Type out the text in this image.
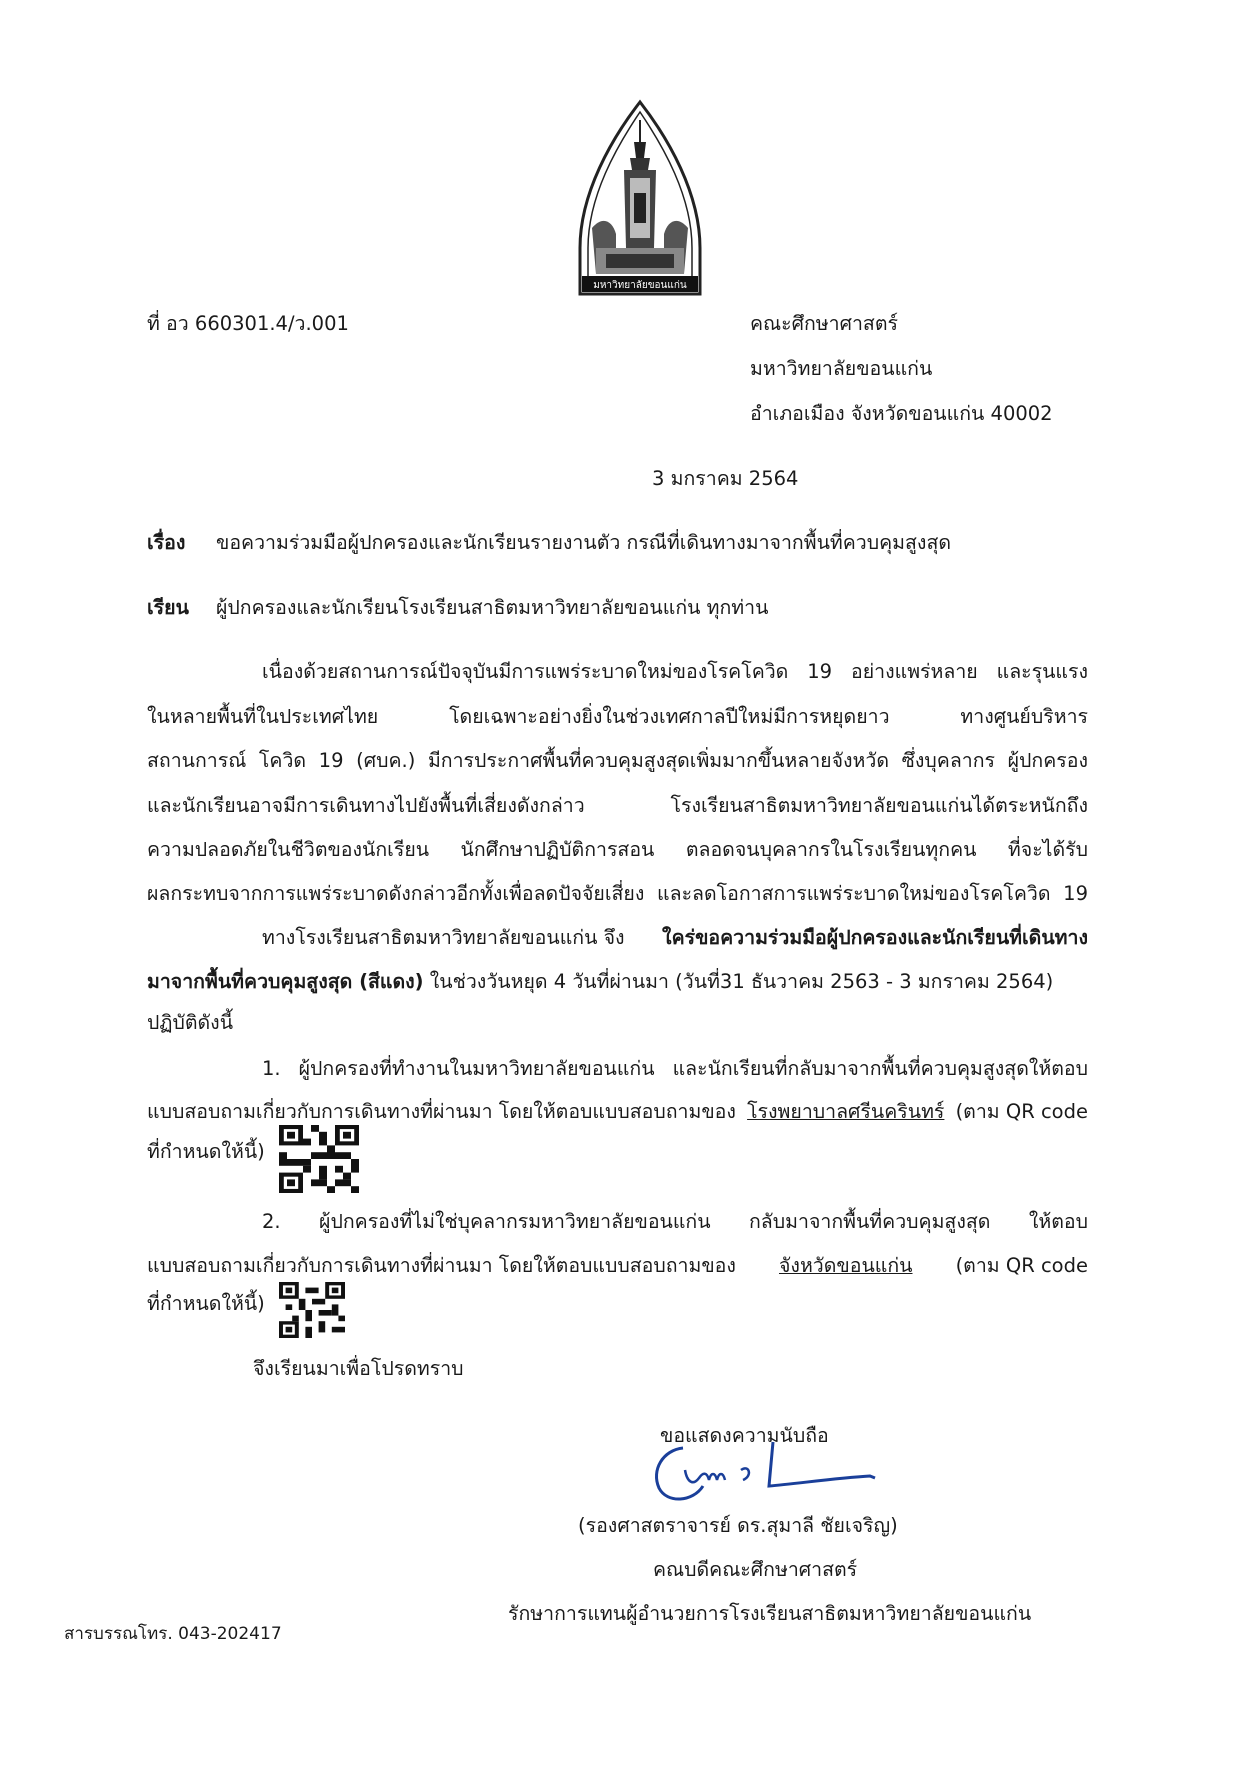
มหาวิทยาลัยขอนแก่น
ที่ อว 660301.4/ว.001	คณะศึกษาศาสตร์
มหาวิทยาลัยขอนแก่น
อำเภอเมือง จังหวัดขอนแก่น 40002
3 มกราคม 2564
เรื่อง ขอความร่วมมือผู้ปกครองและนักเรียนรายงานตัว กรณีที่เดินทางมาจากพื้นที่ควบคุมสูงสุด
เรียน ผู้ปกครองและนักเรียนโรงเรียนสาธิตมหาวิทยาลัยขอนแก่น ทุกท่าน
เนื่องด้วยสถานการณ์ปัจจุบันมีการแพร่ระบาดใหม่ของโรคโควิด 19 อย่างแพร่หลาย และรุนแรง
ในหลายพื้นที่ในประเทศไทย โดยเฉพาะอย่างยิ่งในช่วงเทศกาลปีใหม่มีการหยุดยาว ทางศูนย์บริหาร
สถานการณ์ โควิด 19 (ศบค.) มีการประกาศพื้นที่ควบคุมสูงสุดเพิ่มมากขึ้นหลายจังหวัด ซึ่งบุคลากร ผู้ปกครอง
และนักเรียนอาจมีการเดินทางไปยังพื้นที่เสี่ยงดังกล่าว โรงเรียนสาธิตมหาวิทยาลัยขอนแก่นได้ตระหนักถึง
ความปลอดภัยในชีวิตของนักเรียน นักศึกษาปฏิบัติการสอน ตลอดจนบุคลากรในโรงเรียนทุกคน ที่จะได้รับ
ผลกระทบจากการแพร่ระบาดดังกล่าวอีกทั้งเพื่อลดปัจจัยเสี่ยง และลดโอกาสการแพร่ระบาดใหม่ของโรคโควิด 19
ทางโรงเรียนสาธิตมหาวิทยาลัยขอนแก่น จึง ใคร่ขอความร่วมมือผู้ปกครองและนักเรียนที่เดินทาง
มาจากพื้นที่ควบคุมสูงสุด (สีแดง) ในช่วงวันหยุด 4 วันที่ผ่านมา (วันที่31 ธันวาคม 2563 - 3 มกราคม 2564)
ปฏิบัติดังนี้
1. ผู้ปกครองที่ทำงานในมหาวิทยาลัยขอนแก่น และนักเรียนที่กลับมาจากพื้นที่ควบคุมสูงสุดให้ตอบ
แบบสอบถามเกี่ยวกับการเดินทางที่ผ่านมา โดยให้ตอบแบบสอบถามของ โรงพยาบาลศรีนครินทร์ (ตาม QR code
ที่กำหนดให้นี้)
2. ผู้ปกครองที่ไม่ใช่บุคลากรมหาวิทยาลัยขอนแก่น กลับมาจากพื้นที่ควบคุมสูงสุด ให้ตอบ
แบบสอบถามเกี่ยวกับการเดินทางที่ผ่านมา โดยให้ตอบแบบสอบถามของ จังหวัดขอนแก่น (ตาม QR code
ที่กำหนดให้นี้)
จึงเรียนมาเพื่อโปรดทราบ
ขอแสดงความนับถือ
(รองศาสตราจารย์ ดร.สุมาลี ชัยเจริญ)
คณบดีคณะศึกษาศาสตร์
รักษาการแทนผู้อำนวยการโรงเรียนสาธิตมหาวิทยาลัยขอนแก่น
สารบรรณโทร. 043-202417
